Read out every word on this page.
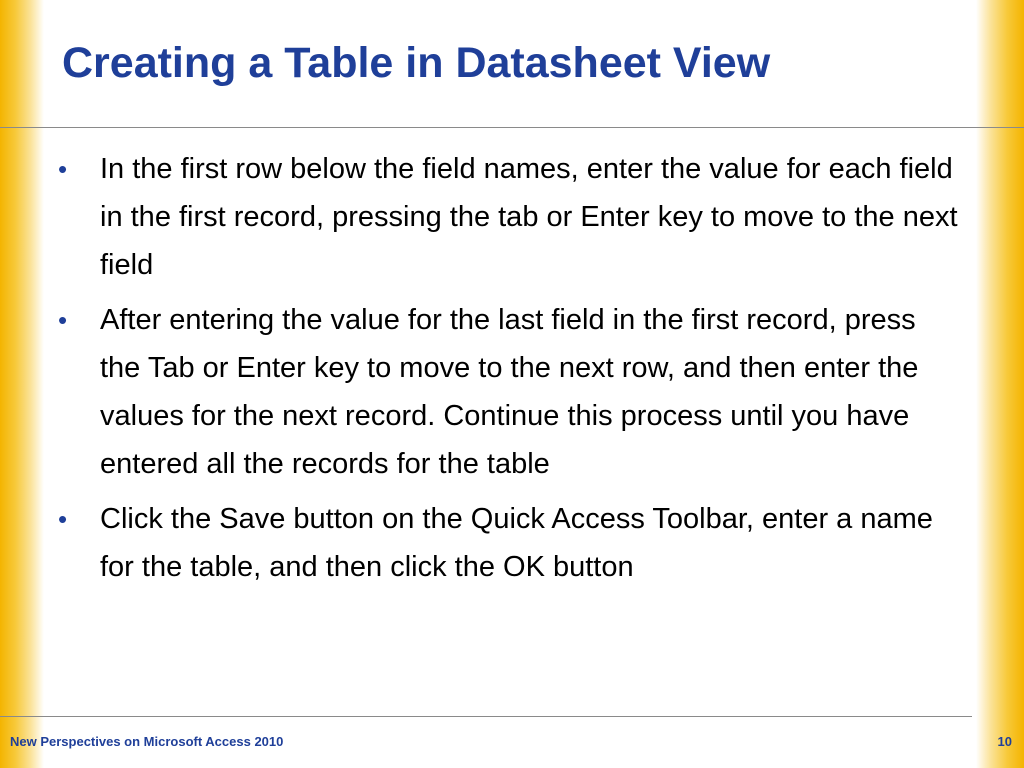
Creating a Table in Datasheet View
•	In the first row below the field names, enter the value for each field in the first record, pressing the tab or Enter key to move to the next field
•	After entering the value for the last field in the first record, press the Tab or Enter key to move to the next row, and then enter the values for the next record. Continue this process until you have entered all the records for the table
•	Click the Save button on the Quick Access Toolbar, enter a name for the table, and then click the OK button
New Perspectives on Microsoft Access 2010	10
